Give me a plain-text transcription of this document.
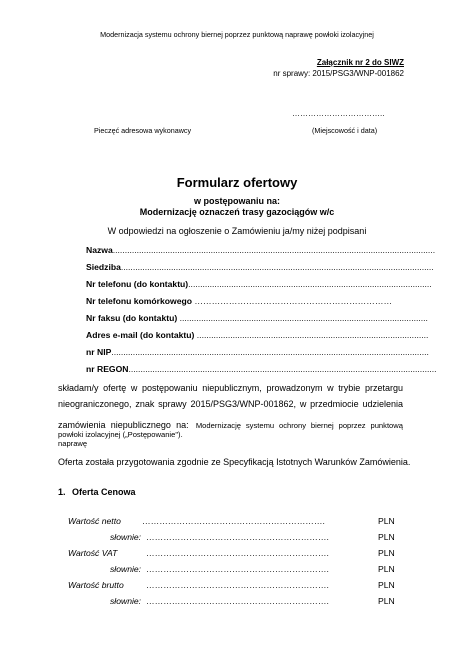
Modernizacja systemu ochrony biernej poprzez punktową naprawę powłoki izolacyjnej
Załącznik nr 2 do SIWZ
nr sprawy: 2015/PSG3/WNP-001862
……………………………..
Pieczęć adresowa wykonawcy	(Miejscowość i data)
Formularz ofertowy
w postępowaniu na:
Modernizację oznaczeń trasy gazociągów w/c
W odpowiedzi na ogłoszenie o Zamówieniu ja/my niżej podpisani
Nazwa.......................................................................................................................................
Siedziba...................................................................................................................................
Nr telefonu (do kontaktu)......................................................................................................
Nr telefonu komórkowego ……………………………………………………………
Nr faksu (do kontaktu) ........................................................................................................
Adres e-mail (do kontaktu) .................................................................................................
nr NIP.....................................................................................................................................
nr REGON.................................................................................................................................
składam/y ofertę w postępowaniu niepublicznym, prowadzonym w trybie przetargu
nieograniczonego, znak sprawy 2015/PSG3/WNP-001862, w przedmiocie udzielenia
zamówienia niepublicznego na: Modernizację systemu ochrony biernej poprzez punktową naprawę
powłoki izolacyjnej („Postępowanie").
Oferta została przygotowania zgodnie ze Specyfikacją Istotnych Warunków Zamówienia.
1. Oferta Cenowa
Wartość netto ……………………………………………………….	PLN
słownie: ……………………………………………………….	PLN
Wartość VAT	……………………………………………………….	PLN
słownie: ……………………………………………………….	PLN
Wartość brutto	……………………………………………………….	PLN
słownie: ……………………………………………………….	PLN
